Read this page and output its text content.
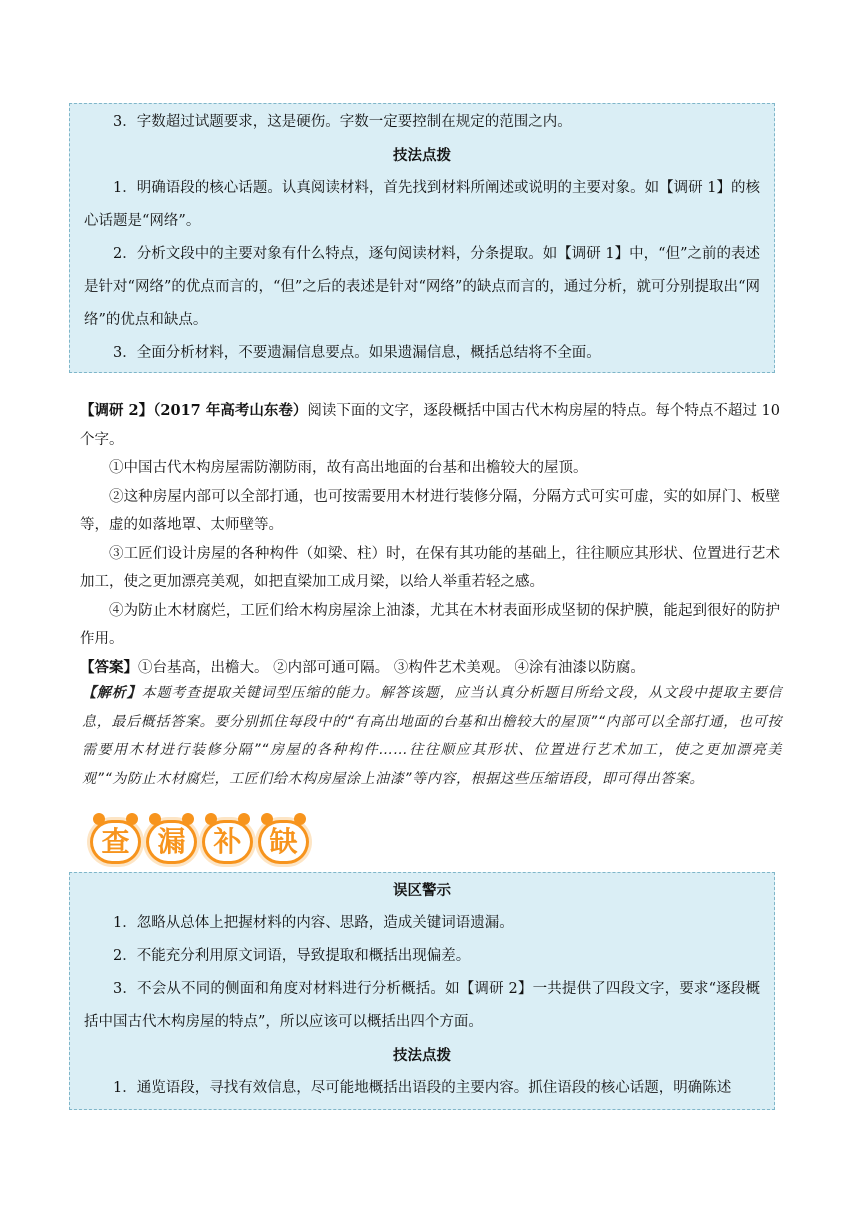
3．字数超过试题要求，这是硬伤。字数一定要控制在规定的范围之内。

技法点拨

1．明确语段的核心话题。认真阅读材料，首先找到材料所阐述或说明的主要对象。如【调研 1】的核心话题是“网络”。

2．分析文段中的主要对象有什么特点，逐句阅读材料，分条提取。如【调研 1】中，“但”之前的表述是针对“网络”的优点而言的，“但”之后的表述是针对“网络”的缺点而言的，通过分析，就可分别提取出“网络”的优点和缺点。

3．全面分析材料，不要遗漏信息要点。如果遗漏信息，概括总结将不全面。

【调研 2】（2017 年高考山东卷）阅读下面的文字，逐段概括中国古代木构房屋的特点。每个特点不超过 10 个字。

①中国古代木构房屋需防潮防雨，故有高出地面的台基和出檐较大的屋顶。

②这种房屋内部可以全部打通，也可按需要用木材进行装修分隔，分隔方式可实可虚，实的如屏门、板壁等，虚的如落地罩、太师壁等。

③工匠们设计房屋的各种构件（如梁、柱）时，在保有其功能的基础上，往往顺应其形状、位置进行艺术加工，使之更加漂亮美观，如把直梁加工成月梁，以给人举重若轻之感。

④为防止木材腐烂，工匠们给木构房屋涂上油漆，尤其在木材表面形成坚韧的保护膜，能起到很好的防护作用。

【答案】①台基高，出檐大。 ②内部可通可隔。 ③构件艺术美观。 ④涂有油漆以防腐。

【解析】本题考查提取关键词型压缩的能力。解答该题，应当认真分析题目所给文段，从文段中提取主要信息，最后概括答案。要分别抓住每段中的“有高出地面的台基和出檐较大的屋顶”“内部可以全部打通，也可按需要用木材进行装修分隔”“房屋的各种构件……往往顺应其形状、位置进行艺术加工，使之更加漂亮美观”“为防止木材腐烂，工匠们给木构房屋涂上油漆”等内容，根据这些压缩语段，即可得出答案。
查 漏 补 缺

误区警示

1．忽略从总体上把握材料的内容、思路，造成关键词语遗漏。

2．不能充分利用原文词语，导致提取和概括出现偏差。

3．不会从不同的侧面和角度对材料进行分析概括。如【调研 2】一共提供了四段文字，要求“逐段概括中国古代木构房屋的特点”，所以应该可以概括出四个方面。

技法点拨

1．通览语段，寻找有效信息，尽可能地概括出语段的主要内容。抓住语段的核心话题，明确陈述
